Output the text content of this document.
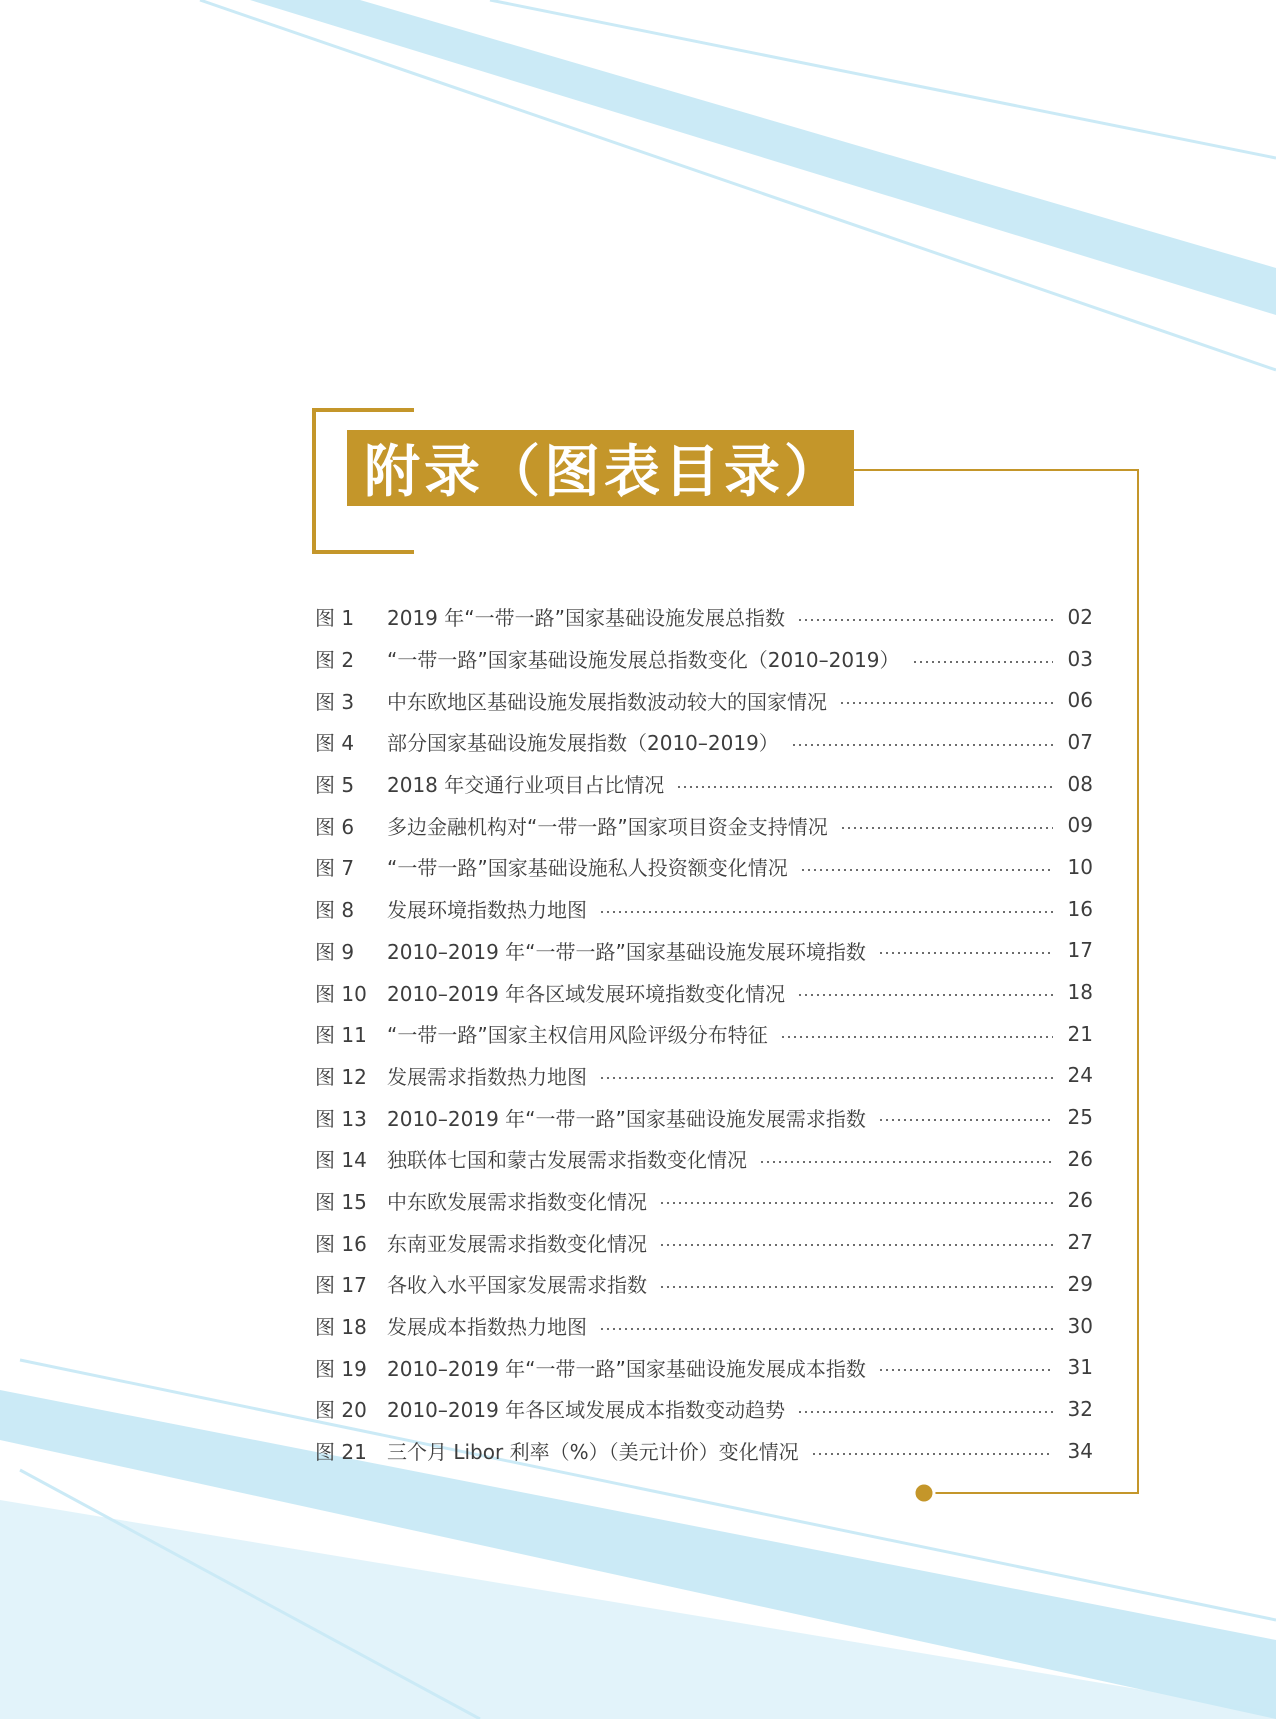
附录（图表目录）
图 1	2019 年“一带一路”国家基础设施发展总指数	02
图 2	“一带一路”国家基础设施发展总指数变化（2010–2019）	03
图 3	中东欧地区基础设施发展指数波动较大的国家情况	06
图 4	部分国家基础设施发展指数（2010–2019）	07
图 5	2018 年交通行业项目占比情况	08
图 6	多边金融机构对“一带一路”国家项目资金支持情况	09
图 7	“一带一路”国家基础设施私人投资额变化情况	10
图 8	发展环境指数热力地图	16
图 9	2010–2019 年“一带一路”国家基础设施发展环境指数	17
图 10	2010–2019 年各区域发展环境指数变化情况	18
图 11	“一带一路”国家主权信用风险评级分布特征	21
图 12	发展需求指数热力地图	24
图 13	2010–2019 年“一带一路”国家基础设施发展需求指数	25
图 14	独联体七国和蒙古发展需求指数变化情况	26
图 15	中东欧发展需求指数变化情况	26
图 16	东南亚发展需求指数变化情况	27
图 17	各收入水平国家发展需求指数	29
图 18	发展成本指数热力地图	30
图 19	2010–2019 年“一带一路”国家基础设施发展成本指数	31
图 20	2010–2019 年各区域发展成本指数变动趋势	32
图 21	三个月 Libor 利率（%）（美元计价）变化情况	34
